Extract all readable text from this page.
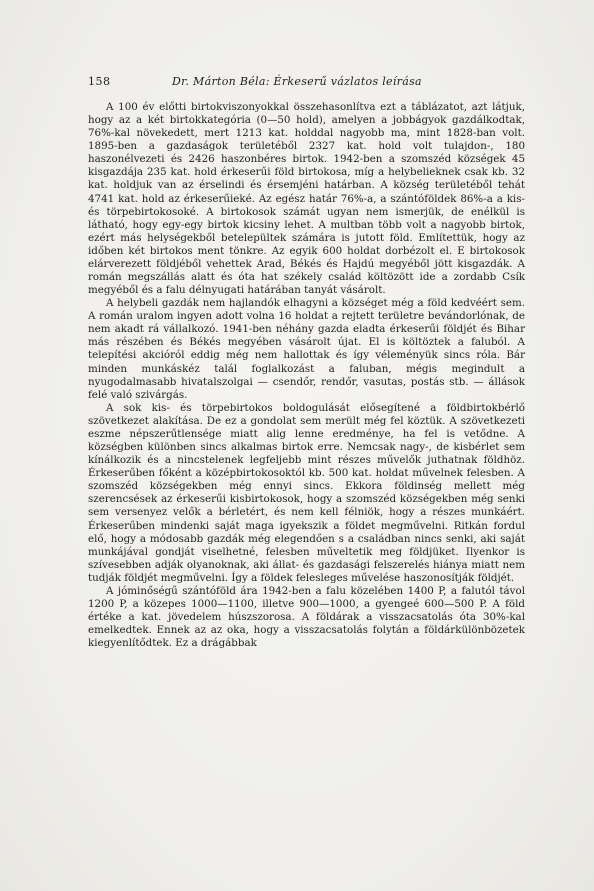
158	Dr. Márton Béla: Érkeserű vázlatos leírása

A 100 év előtti birtokviszonyokkal összehasonlítva ezt a táblázatot, azt látjuk, hogy az a két birtokkategória (0—50 hold), amelyen a jobbágyok gazdálkodtak, 76%-kal növekedett, mert 1213 kat. holddal nagyobb ma, mint 1828-ban volt. 1895-ben a gazdaságok területéből 2327 kat. hold volt tulajdon-, 180 haszonélvezeti és 2426 haszonbéres birtok. 1942-ben a szomszéd községek 45 kisgazdája 235 kat. hold érkeserűi föld birtokosa, míg a helybelieknek csak kb. 32 kat. holdjuk van az érselindi és érsemjéni határban. A község területéből tehát 4741 kat. hold az érkeserűieké. Az egész határ 76%-a, a szántóföldek 86%-a a kis- és törpebirtokosoké. A birtokosok számát ugyan nem ismerjük, de enélkül is látható, hogy egy-egy birtok kicsiny lehet. A multban több volt a nagyobb birtok, ezért más helységekből betelepültek számára is jutott föld. Említettük, hogy az időben két birtokos ment tönkre. Az egyik 600 holdat dorbézolt el. E birtokosok elárverezett földjéből vehettek Arad, Békés és Hajdú megyéből jött kisgazdák. A román megszállás alatt és óta hat székely család költözött ide a zordabb Csík megyéből és a falu délnyugati határában tanyát vásárolt.

A helybeli gazdák nem hajlandók elhagyni a községet még a föld kedvéért sem. A román uralom ingyen adott volna 16 holdat a rejtett területre bevándorlónak, de nem akadt rá vállalkozó. 1941-ben néhány gazda eladta érkeserűi földjét és Bihar más részében és Békés megyében vásárolt újat. El is költöztek a faluból. A telepítési akcióról eddig még nem hallottak és így véleményük sincs róla. Bár minden munkáskéz talál foglalkozást a faluban, mégis megindult a nyugodalmasabb hivatalszolgai — csendőr, rendőr, vasutas, postás stb. — állások felé való szivárgás.

A sok kis- és törpebirtokos boldogulását elősegítené a földbirtokbérlő szövetkezet alakítása. De ez a gondolat sem merült még fel köztük. A szövetkezeti eszme népszerűtlensége miatt alig lenne eredménye, ha fel is vetődne. A községben különben sincs alkalmas birtok erre. Nemcsak nagy-, de kisbérlet sem kínálkozik és a nincstelenek legfeljebb mint részes művelők juthatnak földhöz. Érkeserűben főként a középbirtokosoktól kb. 500 kat. holdat művelnek felesben. A szomszéd községekben még ennyi sincs. Ekkora földinség mellett még szerencsések az érkeserűi kisbirtokosok, hogy a szomszéd községekben még senki sem versenyez velők a bérletért, és nem kell félniök, hogy a részes munkáért. Érkeserűben mindenki saját maga igyekszik a földet megművelni. Ritkán fordul elő, hogy a módosabb gazdák még elegendően s a családban nincs senki, aki saját munkájával gondját viselhetné, felesben műveltetik meg földjüket. Ilyenkor is szívesebben adják olyanoknak, aki állat- és gazdasági felszerelés hiánya miatt nem tudják földjét megművelni. Így a földek felesleges művelése haszonosítják földjét.

A jóminőségű szántóföld ára 1942-ben a falu közelében 1400 P, a falutól távol 1200 P, a közepes 1000—1100, illetve 900—1000, a gyengeé 600—500 P. A föld értéke a kat. jövedelem húszszorosa. A földárak a visszacsatolás óta 30%-kal emelkedtek. Ennek az az oka, hogy a visszacsatolás folytán a földárkülönbözetek kiegyenlítődtek. Ez a drágábbak
